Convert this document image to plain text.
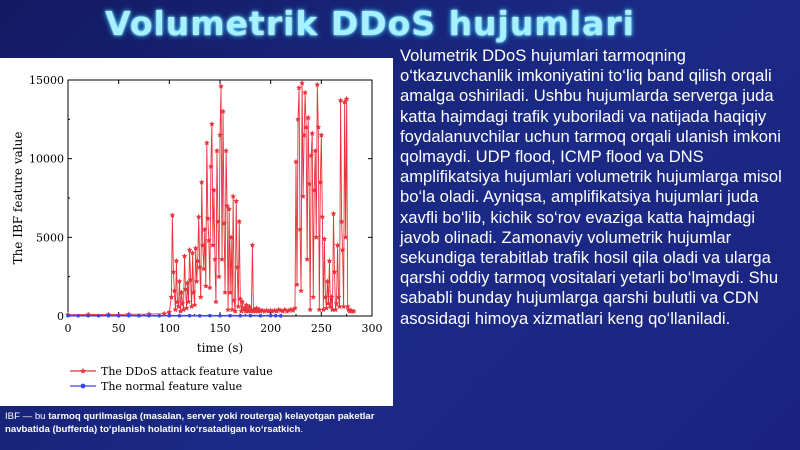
Volumetrik DDoS hujumlari

Volumetrik DDoS hujumlari tarmoqning o‘tkazuvchanlik imkoniyatini to‘liq band qilish orqali amalga oshiriladi. Ushbu hujumlarda serverga juda katta hajmdagi trafik yuboriladi va natijada haqiqiy foydalanuvchilar uchun tarmoq orqali ulanish imkoni qolmaydi. UDP flood, ICMP flood va DNS amplifikatsiya hujumlari volumetrik hujumlarga misol bo‘la oladi. Ayniqsa, amplifikatsiya hujumlari juda xavfli bo‘lib, kichik so‘rov evaziga katta hajmdagi javob olinadi. Zamonaviy volumetrik hujumlar sekundiga terabitlab trafik hosil qila oladi va ularga qarshi oddiy tarmoq vositalari yetarli bo‘lmaydi. Shu sababli bunday hujumlarga qarshi bulutli va CDN asosidagi himoya xizmatlari keng qo‘llaniladi.

0	50	100	150	200	250	300
0
5000
10000
15000
time (s)
The IBF feature value
The DDoS attack feature value
The normal feature value

IBF — bu tarmoq qurilmasiga (masalan, server yoki routerga) kelayotgan paketlar navbatida (bufferda) to‘planish holatini ko‘rsatadigan ko‘rsatkich.
